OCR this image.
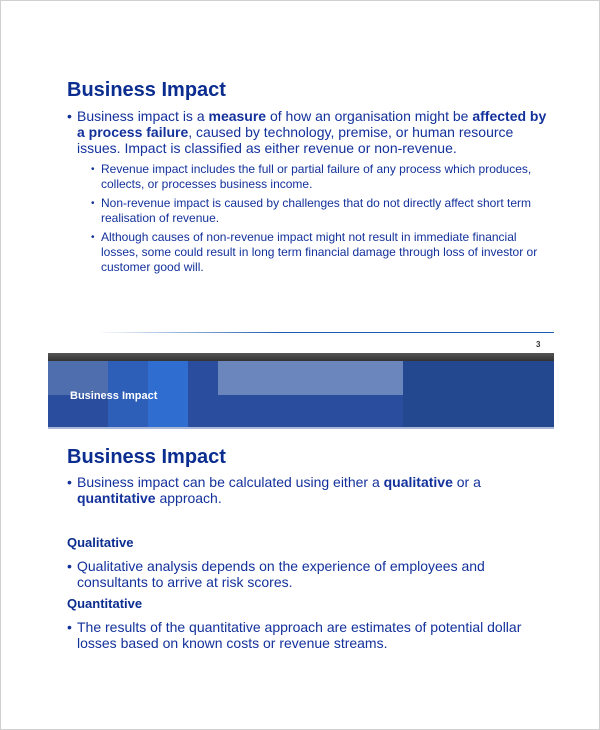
Business Impact
• Business impact is a measure of how an organisation might be affected by a process failure, caused by technology, premise, or human resource issues. Impact is classified as either revenue or non-revenue.
• Revenue impact includes the full or partial failure of any process which produces, collects, or processes business income.
• Non-revenue impact is caused by challenges that do not directly affect short term realisation of revenue.
• Although causes of non-revenue impact might not result in immediate financial losses, some could result in long term financial damage through loss of investor or customer good will.
3
Business Impact
Business Impact
• Business impact can be calculated using either a qualitative or a quantitative approach.
Qualitative
• Qualitative analysis depends on the experience of employees and consultants to arrive at risk scores.
Quantitative
• The results of the quantitative approach are estimates of potential dollar losses based on known costs or revenue streams.
